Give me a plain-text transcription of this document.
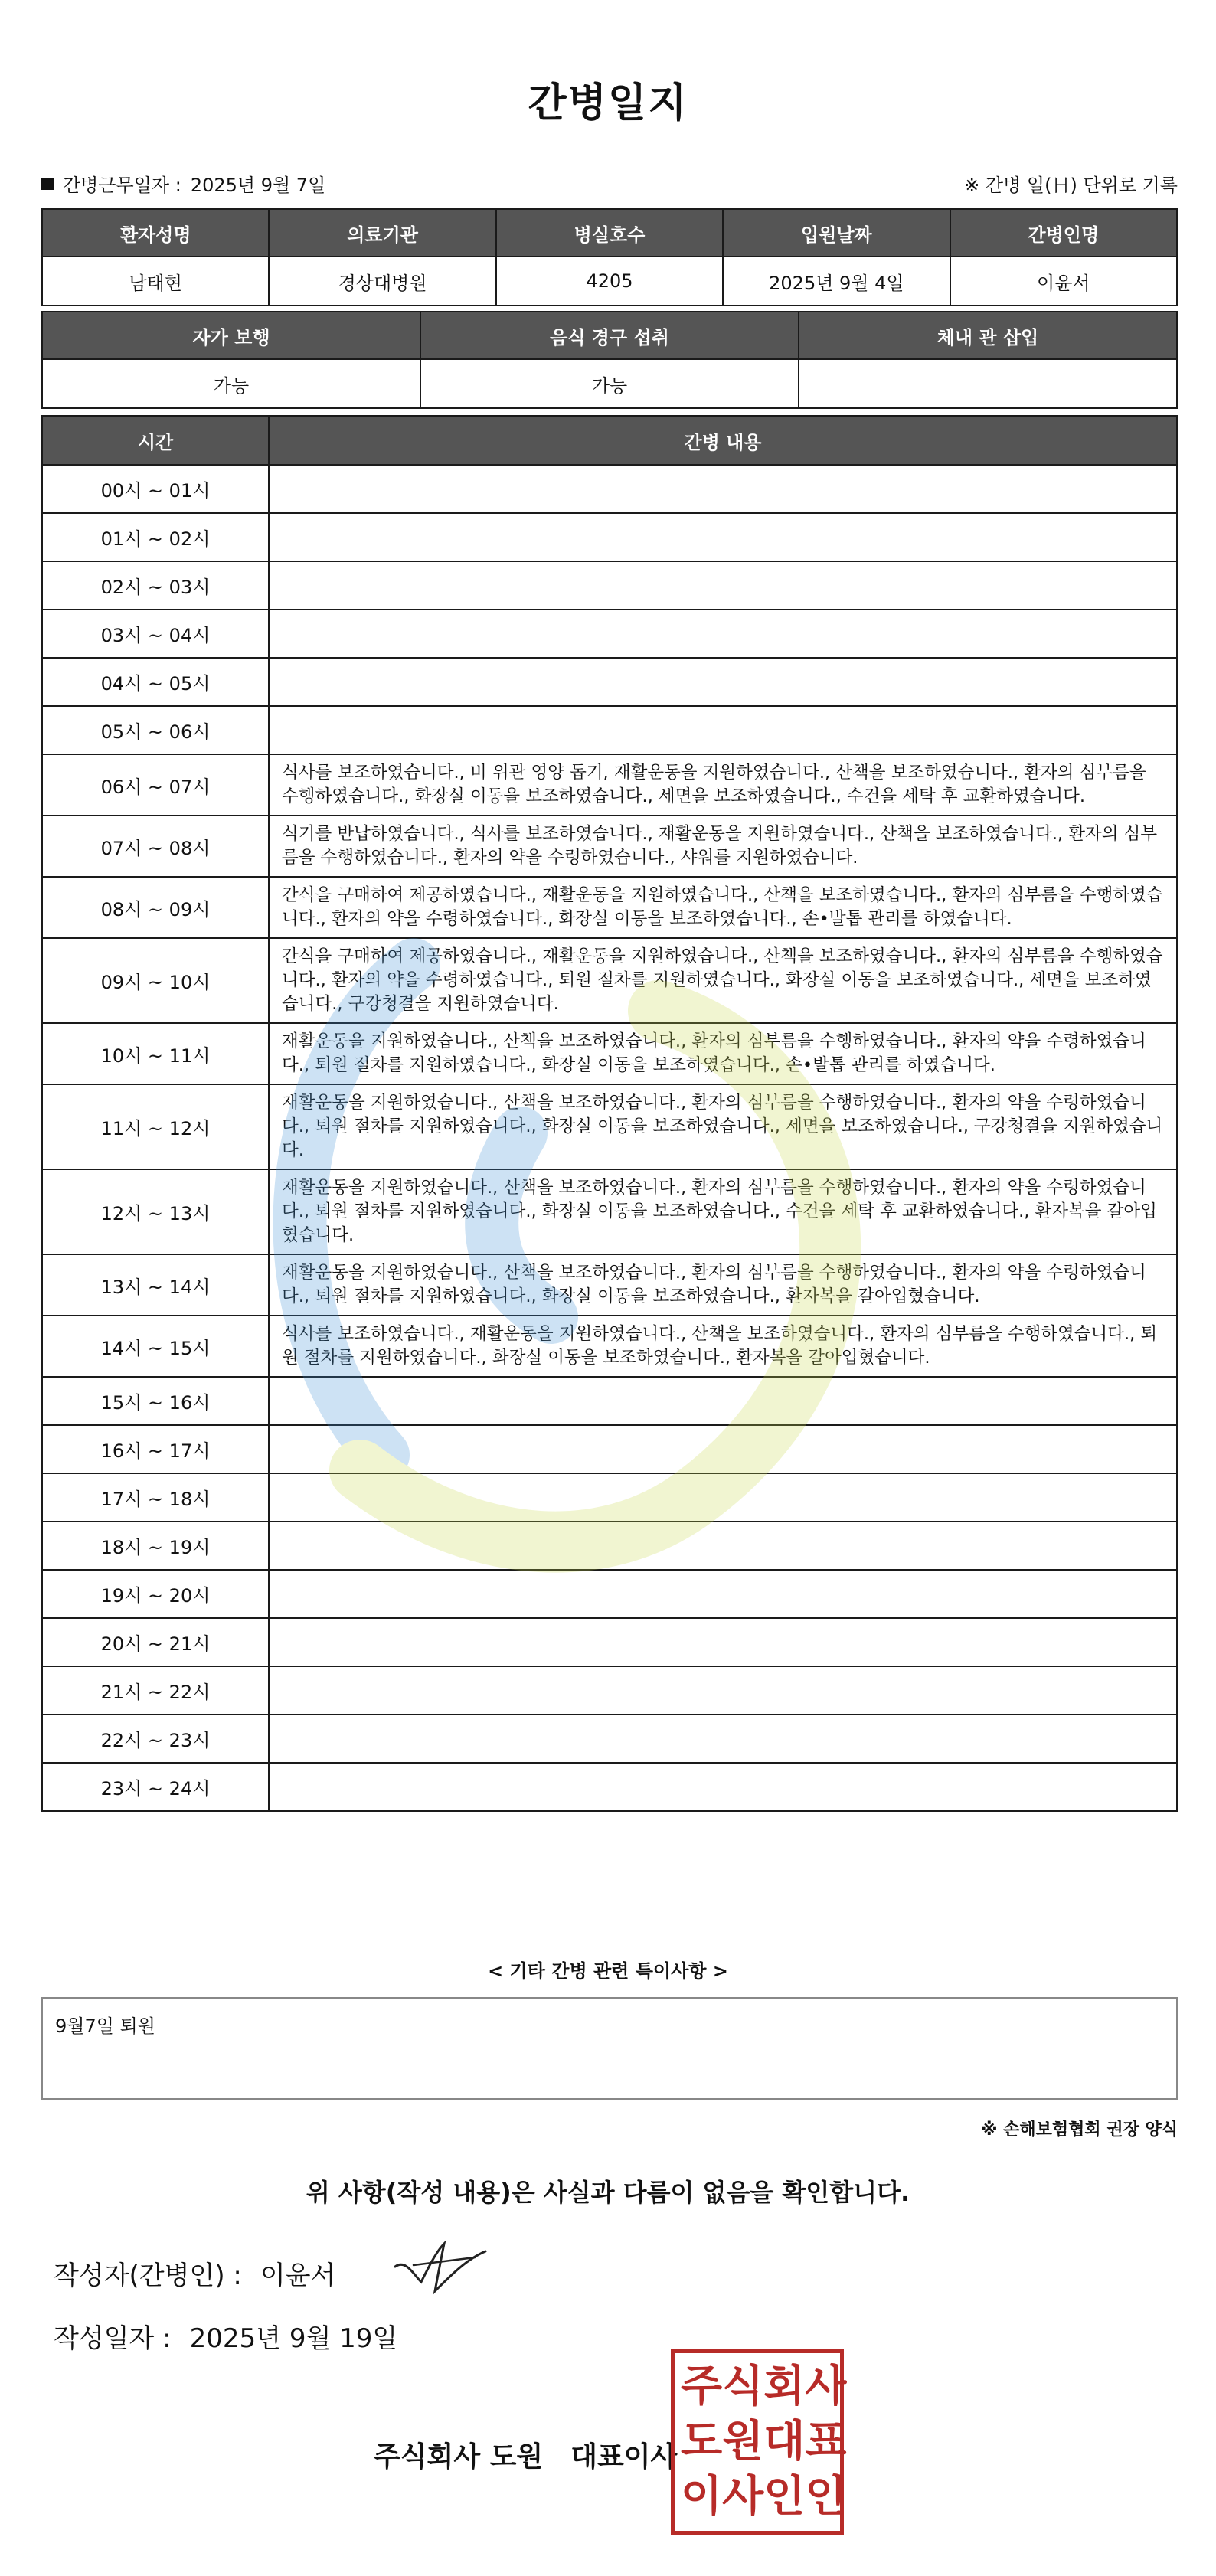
간병일지
간병근무일자 : 2025년 9월 7일	※ 간병 일(日) 단위로 기록
환자성명	의료기관	병실호수	입원날짜	간병인명
남태현	경상대병원	4205	2025년 9월 4일	이윤서
자가 보행	음식 경구 섭취	체내 관 삽입
가능	가능	
시간	간병 내용
00시 ~ 01시	
01시 ~ 02시	
02시 ~ 03시	
03시 ~ 04시	
04시 ~ 05시	
05시 ~ 06시	
06시 ~ 07시	식사를 보조하였습니다., 비 위관 영양 돕기, 재활운동을 지원하였습니다., 산책을 보조하였습니다., 환자의 심부름을 수행하였습니다., 화장실 이동을 보조하였습니다., 세면을 보조하였습니다., 수건을 세탁 후 교환하였습니다.
07시 ~ 08시	식기를 반납하였습니다., 식사를 보조하였습니다., 재활운동을 지원하였습니다., 산책을 보조하였습니다., 환자의 심부름을 수행하였습니다., 환자의 약을 수령하였습니다., 샤워를 지원하였습니다.
08시 ~ 09시	간식을 구매하여 제공하였습니다., 재활운동을 지원하였습니다., 산책을 보조하였습니다., 환자의 심부름을 수행하였습니다., 환자의 약을 수령하였습니다., 화장실 이동을 보조하였습니다., 손•발톱 관리를 하였습니다.
09시 ~ 10시	간식을 구매하여 제공하였습니다., 재활운동을 지원하였습니다., 산책을 보조하였습니다., 환자의 심부름을 수행하였습니다., 환자의 약을 수령하였습니다., 퇴원 절차를 지원하였습니다., 화장실 이동을 보조하였습니다., 세면을 보조하였습니다., 구강청결을 지원하였습니다.
10시 ~ 11시	재활운동을 지원하였습니다., 산책을 보조하였습니다., 환자의 심부름을 수행하였습니다., 환자의 약을 수령하였습니다., 퇴원 절차를 지원하였습니다., 화장실 이동을 보조하였습니다., 손•발톱 관리를 하였습니다.
11시 ~ 12시	재활운동을 지원하였습니다., 산책을 보조하였습니다., 환자의 심부름을 수행하였습니다., 환자의 약을 수령하였습니다., 퇴원 절차를 지원하였습니다., 화장실 이동을 보조하였습니다., 세면을 보조하였습니다., 구강청결을 지원하였습니다.
12시 ~ 13시	재활운동을 지원하였습니다., 산책을 보조하였습니다., 환자의 심부름을 수행하였습니다., 환자의 약을 수령하였습니다., 퇴원 절차를 지원하였습니다., 화장실 이동을 보조하였습니다., 수건을 세탁 후 교환하였습니다., 환자복을 갈아입혔습니다.
13시 ~ 14시	재활운동을 지원하였습니다., 산책을 보조하였습니다., 환자의 심부름을 수행하였습니다., 환자의 약을 수령하였습니다., 퇴원 절차를 지원하였습니다., 화장실 이동을 보조하였습니다., 환자복을 갈아입혔습니다.
14시 ~ 15시	식사를 보조하였습니다., 재활운동을 지원하였습니다., 산책을 보조하였습니다., 환자의 심부름을 수행하였습니다., 퇴원 절차를 지원하였습니다., 화장실 이동을 보조하였습니다., 환자복을 갈아입혔습니다.
15시 ~ 16시	
16시 ~ 17시	
17시 ~ 18시	
18시 ~ 19시	
19시 ~ 20시	
20시 ~ 21시	
21시 ~ 22시	
22시 ~ 23시	
23시 ~ 24시	
< 기타 간병 관련 특이사항 >
9월7일 퇴원
※ 손해보험협회 권장 양식
위 사항(작성 내용)은 사실과 다름이 없음을 확인합니다.
작성자(간병인) : 이윤서
작성일자 : 2025년 9월 19일
주식회사 도원 대표이사
주 식 회 사
도 원 대 표
이 사 인 인
